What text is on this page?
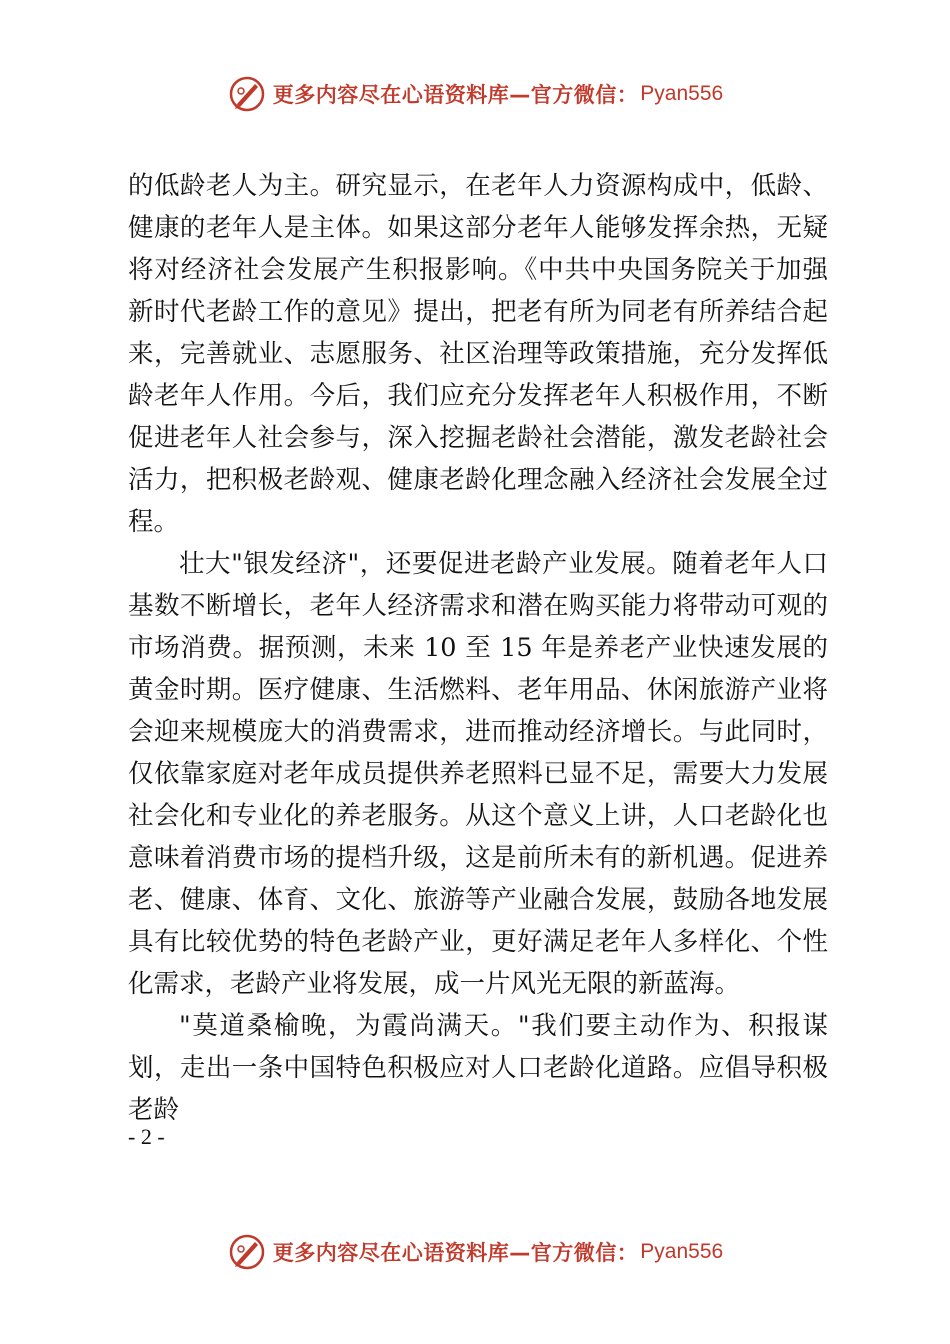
更多内容尽在心语资料库—官方微信： Pyan556

的低龄老人为主。研究显示，在老年人力资源构成中，低龄、健康的老年人是主体。如果这部分老年人能够发挥余热，无疑将对经济社会发展产生积报影响。《中共中央国务院关于加强新时代老龄工作的意见》提出，把老有所为同老有所养结合起来，完善就业、志愿服务、社区治理等政策措施，充分发挥低龄老年人作用。今后，我们应充分发挥老年人积极作用，不断促进老年人社会参与，深入挖掘老龄社会潜能，激发老龄社会活力，把积极老龄观、健康老龄化理念融入经济社会发展全过程。

壮大"银发经济"，还要促进老龄产业发展。随着老年人口基数不断增长，老年人经济需求和潜在购买能力将带动可观的市场消费。据预测，未来 10 至 15 年是养老产业快速发展的黄金时期。医疗健康、生活燃料、老年用品、休闲旅游产业将会迎来规模庞大的消费需求，进而推动经济增长。与此同时，仅依靠家庭对老年成员提供养老照料已显不足，需要大力发展社会化和专业化的养老服务。从这个意义上讲，人口老龄化也意味着消费市场的提档升级，这是前所未有的新机遇。促进养老、健康、体育、文化、旅游等产业融合发展，鼓励各地发展具有比较优势的特色老龄产业，更好满足老年人多样化、个性化需求，老龄产业将发展，成一片风光无限的新蓝海。

"莫道桑榆晚，为霞尚满天。"我们要主动作为、积报谋划，走出一条中国特色积极应对人口老龄化道路。应倡导积极老龄

- 2 -
更多内容尽在心语资料库—官方微信： Pyan556
